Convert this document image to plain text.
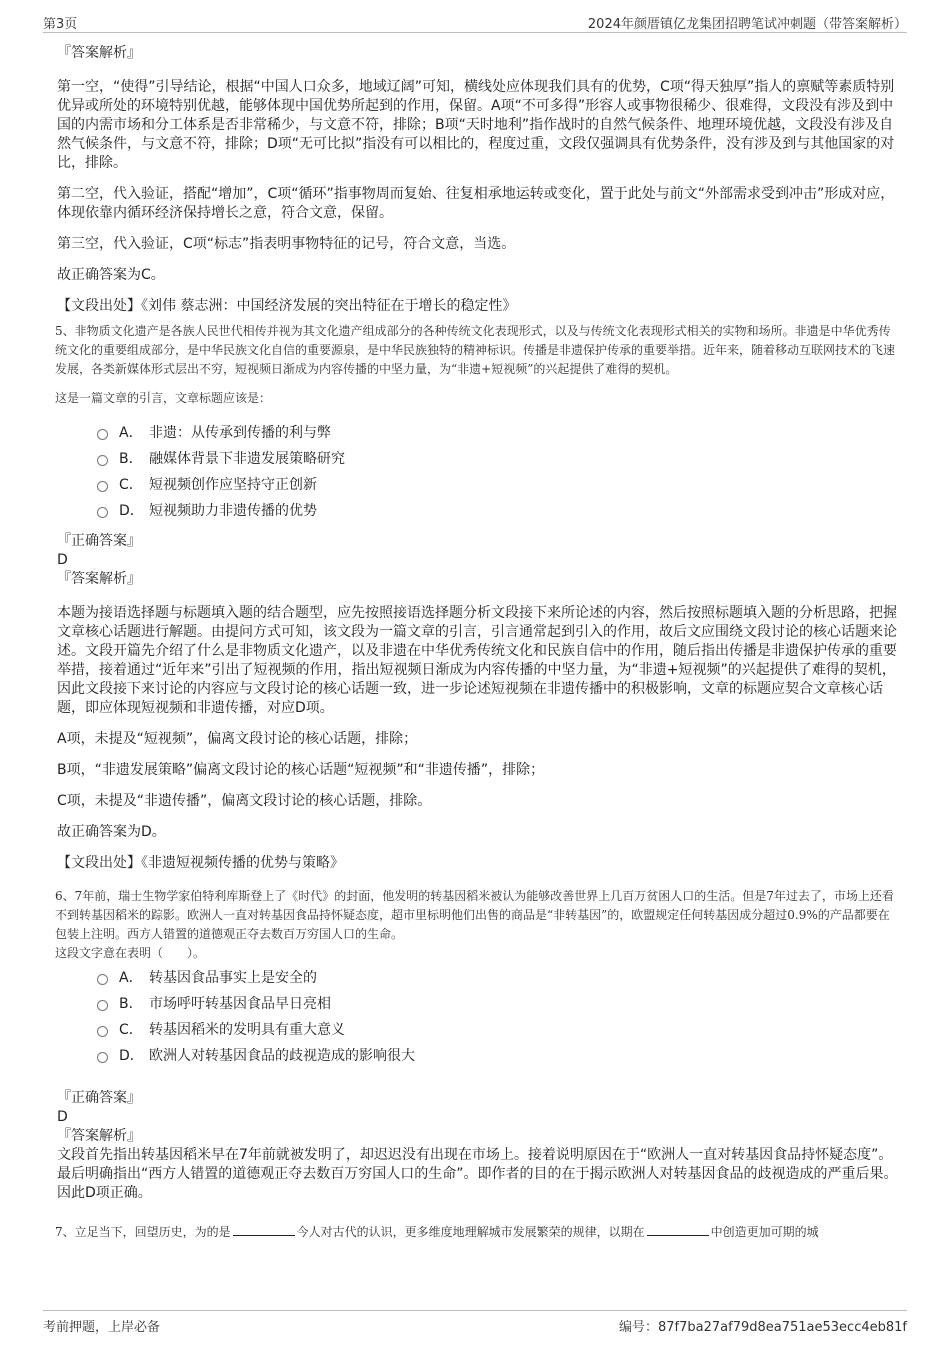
第3页	2024年颜厝镇亿龙集团招聘笔试冲刺题（带答案解析）

『答案解析』

第一空，“使得”引导结论，根据“中国人口众多，地域辽阔”可知，横线处应体现我们具有的优势，C项“得天独厚”指人的禀赋等素质特别优异或所处的环境特别优越，能够体现中国优势所起到的作用，保留。A项“不可多得”形容人或事物很稀少、很难得，文段没有涉及到中国的内需市场和分工体系是否非常稀少，与文意不符，排除；B项“天时地利”指作战时的自然气候条件、地理环境优越，文段没有涉及自然气候条件，与文意不符，排除；D项“无可比拟”指没有可以相比的，程度过重，文段仅强调具有优势条件，没有涉及到与其他国家的对比，排除。

第二空，代入验证，搭配“增加”，C项“循环”指事物周而复始、往复相承地运转或变化，置于此处与前文“外部需求受到冲击”形成对应，体现依靠内循环经济保持增长之意，符合文意，保留。

第三空，代入验证，C项“标志”指表明事物特征的记号，符合文意，当选。

故正确答案为C。

【文段出处】《刘伟 蔡志洲：中国经济发展的突出特征在于增长的稳定性》

5、非物质文化遗产是各族人民世代相传并视为其文化遗产组成部分的各种传统文化表现形式，以及与传统文化表现形式相关的实物和场所。非遗是中华优秀传统文化的重要组成部分，是中华民族文化自信的重要源泉，是中华民族独特的精神标识。传播是非遗保护传承的重要举措。近年来，随着移动互联网技术的飞速发展，各类新媒体形式层出不穷，短视频日渐成为内容传播的中坚力量，为“非遗+短视频”的兴起提供了难得的契机。

这是一篇文章的引言，文章标题应该是：

A． 非遗：从传承到传播的利与弊
B． 融媒体背景下非遗发展策略研究
C． 短视频创作应坚持守正创新
D． 短视频助力非遗传播的优势

『正确答案』

D

『答案解析』

本题为接语选择题与标题填入题的结合题型，应先按照接语选择题分析文段接下来所论述的内容，然后按照标题填入题的分析思路，把握文章核心话题进行解题。由提问方式可知，该文段为一篇文章的引言，引言通常起到引入的作用，故后文应围绕文段讨论的核心话题来论述。文段开篇先介绍了什么是非物质文化遗产，以及非遗在中华优秀传统文化和民族自信中的作用，随后指出传播是非遗保护传承的重要举措，接着通过“近年来”引出了短视频的作用，指出短视频日渐成为内容传播的中坚力量，为“非遗+短视频”的兴起提供了难得的契机，因此文段接下来讨论的内容应与文段讨论的核心话题一致，进一步论述短视频在非遗传播中的积极影响，文章的标题应契合文章核心话题，即应体现短视频和非遗传播，对应D项。

A项，未提及“短视频”，偏离文段讨论的核心话题，排除；

B项，“非遗发展策略”偏离文段讨论的核心话题“短视频”和“非遗传播”，排除；

C项，未提及“非遗传播”，偏离文段讨论的核心话题，排除。

故正确答案为D。

【文段出处】《非遗短视频传播的优势与策略》

6、7年前，瑞士生物学家伯特利库斯登上了《时代》的封面，他发明的转基因稻米被认为能够改善世界上几百万贫困人口的生活。但是7年过去了，市场上还看不到转基因稻米的踪影。欧洲人一直对转基因食品持怀疑态度，超市里标明他们出售的商品是“非转基因”的，欧盟规定任何转基因成分超过0.9%的产品都要在包装上注明。西方人错置的道德观正夺去数百万穷国人口的生命。

这段文字意在表明（　　）。

A． 转基因食品事实上是安全的
B． 市场呼吁转基因食品早日亮相
C． 转基因稻米的发明具有重大意义
D． 欧洲人对转基因食品的歧视造成的影响很大

『正确答案』

D

『答案解析』

文段首先指出转基因稻米早在7年前就被发明了，却迟迟没有出现在市场上。接着说明原因在于“欧洲人一直对转基因食品持怀疑态度”。最后明确指出“西方人错置的道德观正夺去数百万穷国人口的生命”。即作者的目的在于揭示欧洲人对转基因食品的歧视造成的严重后果。因此D项正确。

7、立足当下，回望历史，为的是	今人对古代的认识，更多维度地理解城市发展繁荣的规律，以期在	中创造更加可期的城

考前押题，上岸必备	编号：87f7ba27af79d8ea751ae53ecc4eb81f
